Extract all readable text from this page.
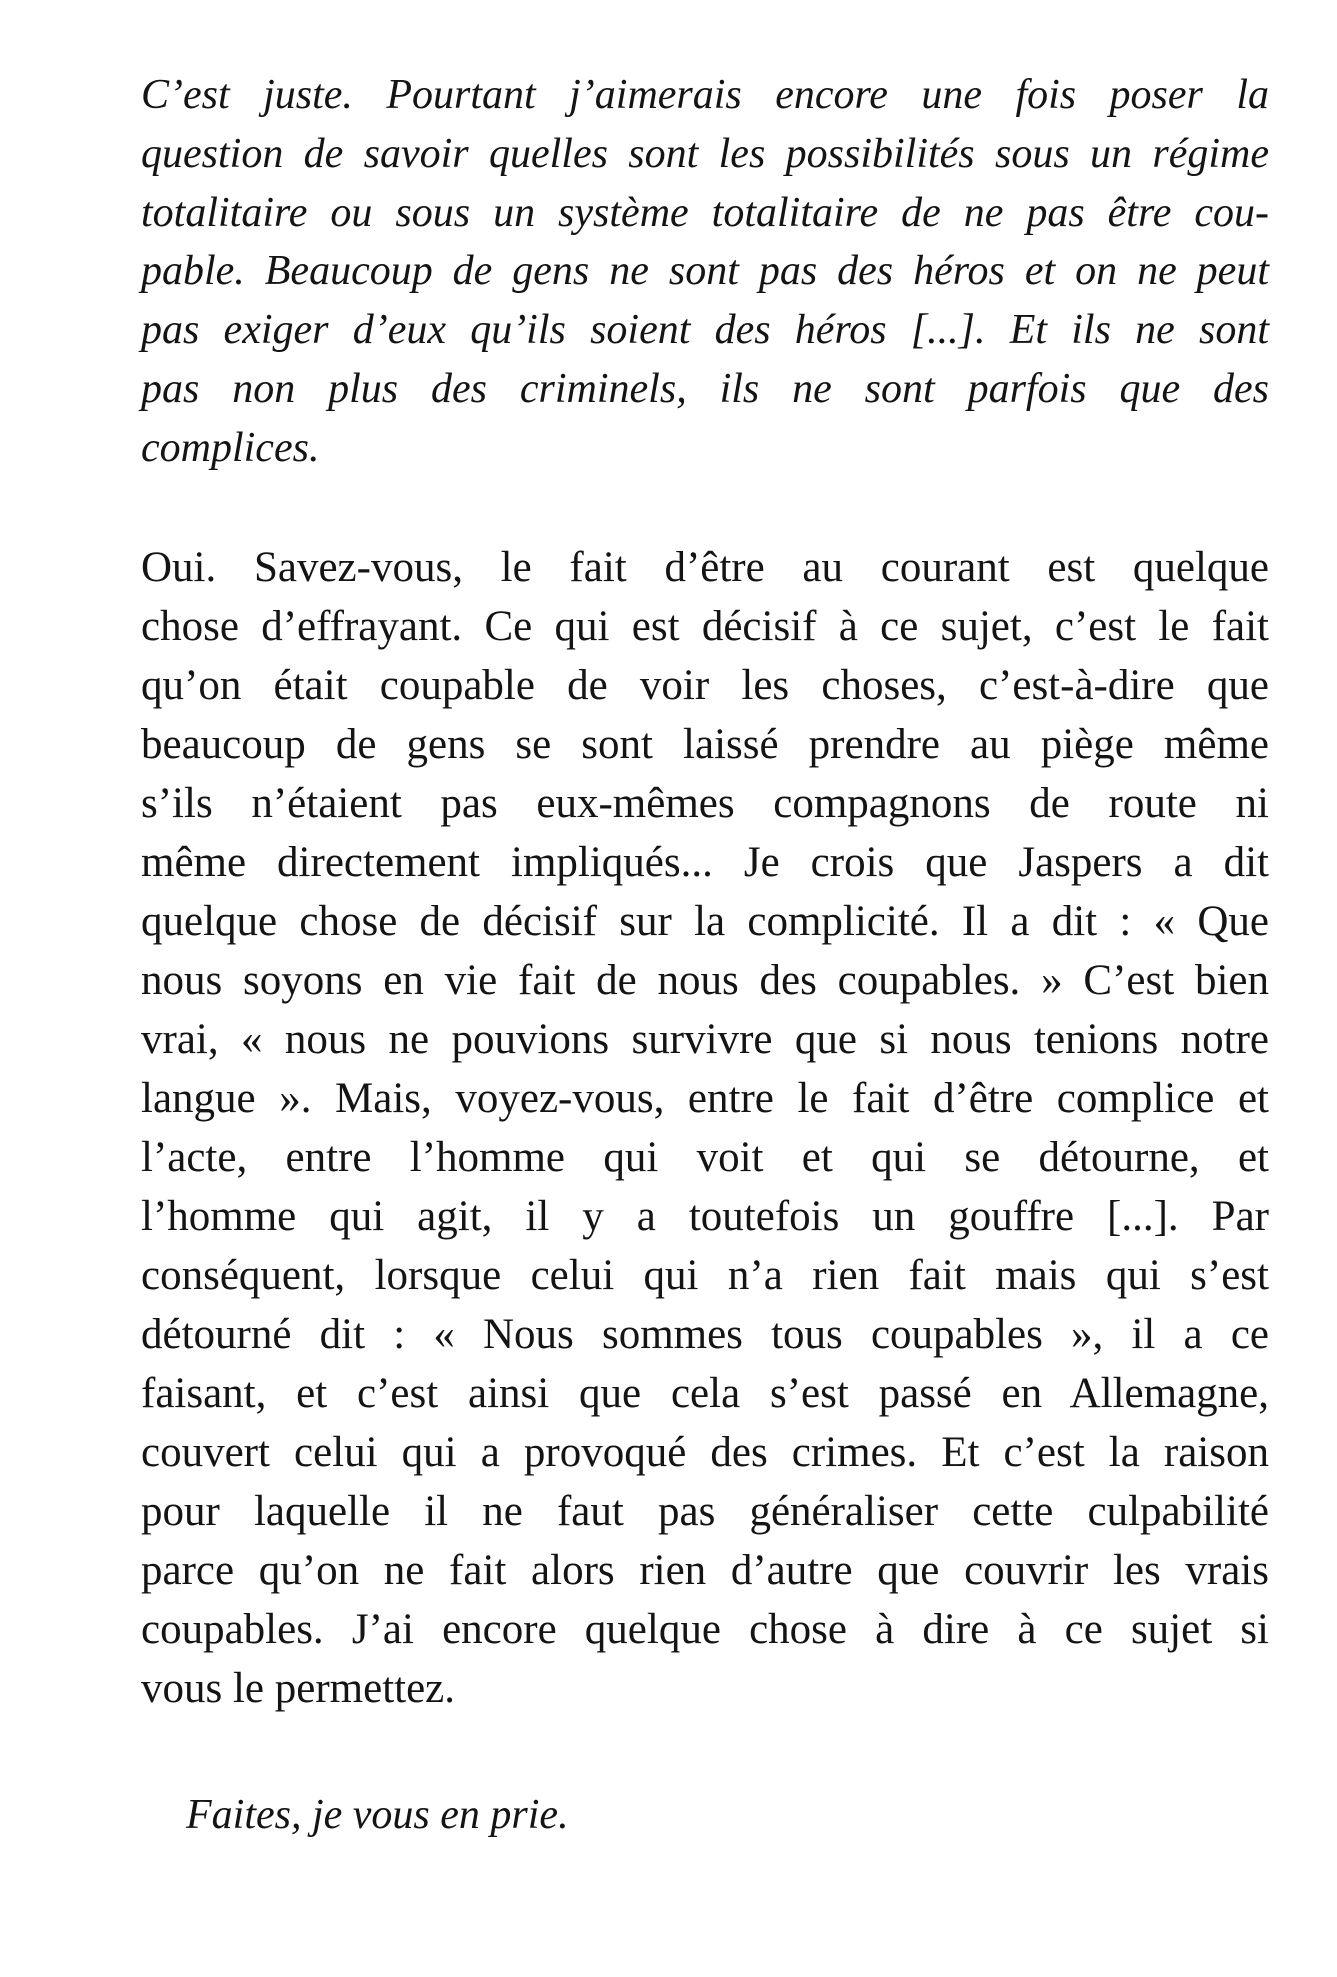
C’est juste. Pourtant j’aimerais encore une fois poser la
question de savoir quelles sont les possibilités sous un régime
totalitaire ou sous un système totalitaire de ne pas être cou-
pable. Beaucoup de gens ne sont pas des héros et on ne peut
pas exiger d’eux qu’ils soient des héros [...]. Et ils ne sont
pas non plus des criminels, ils ne sont parfois que des
complices.
Oui. Savez-vous, le fait d’être au courant est quelque
chose d’effrayant. Ce qui est décisif à ce sujet, c’est le fait
qu’on était coupable de voir les choses, c’est-à-dire que
beaucoup de gens se sont laissé prendre au piège même
s’ils n’étaient pas eux-mêmes compagnons de route ni
même directement impliqués... Je crois que Jaspers a dit
quelque chose de décisif sur la complicité. Il a dit : « Que
nous soyons en vie fait de nous des coupables. » C’est bien
vrai, « nous ne pouvions survivre que si nous tenions notre
langue ». Mais, voyez-vous, entre le fait d’être complice et
l’acte, entre l’homme qui voit et qui se détourne, et
l’homme qui agit, il y a toutefois un gouffre [...]. Par
conséquent, lorsque celui qui n’a rien fait mais qui s’est
détourné dit : « Nous sommes tous coupables », il a ce
faisant, et c’est ainsi que cela s’est passé en Allemagne,
couvert celui qui a provoqué des crimes. Et c’est la raison
pour laquelle il ne faut pas généraliser cette culpabilité
parce qu’on ne fait alors rien d’autre que couvrir les vrais
coupables. J’ai encore quelque chose à dire à ce sujet si
vous le permettez.
Faites, je vous en prie.
